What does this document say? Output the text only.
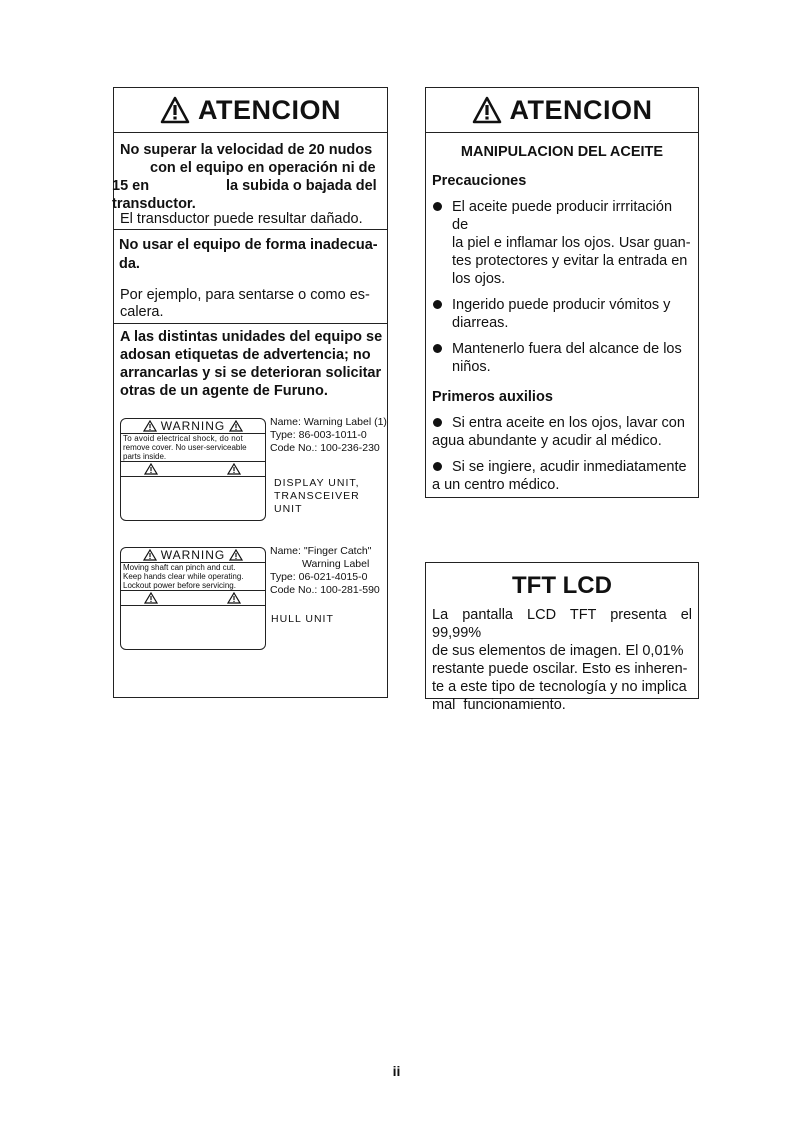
ATENCION
No superar la velocidad de 20 nudos
con el equipo en operación ni de
15 en	la subida o bajada del
transductor.
El transductor puede resultar dañado.
No usar el equipo de forma inadecua-
da.
Por ejemplo, para sentarse o como es-
calera.
A las distintas unidades del equipo se
adosan etiquetas de advertencia; no
arrancarlas y si se deterioran solicitar
otras de un agente de Furuno.
WARNING
To avoid electrical shock, do not
remove cover. No user-serviceable
parts inside.
Name: Warning Label (1)
Type: 86-003-1011-0
Code No.: 100-236-230
DISPLAY UNIT,
TRANSCEIVER
UNIT
WARNING
Moving shaft can pinch and cut.
Keep hands clear while operating.
Lockout power before servicing.
Name: "Finger Catch"
Warning Label
Type: 06-021-4015-0
Code No.: 100-281-590
HULL UNIT
ATENCION
MANIPULACION DEL ACEITE
Precauciones
El aceite puede producir irrritación de
la piel e inflamar los ojos. Usar guan-
tes protectores y evitar la entrada en
los ojos.
Ingerido puede producir vómitos y
diarreas.
Mantenerlo fuera del alcance de los
niños.
Primeros auxilios
Si entra aceite en los ojos, lavar con
agua abundante y acudir al médico.
Si se ingiere, acudir inmediatamente
a un centro médico.
TFT LCD
La pantalla LCD TFT presenta el 99,99%
de sus elementos de imagen. El 0,01%
restante puede oscilar. Esto es inheren-
te a este tipo de tecnología y no implica
mal  funcionamiento.
ii
